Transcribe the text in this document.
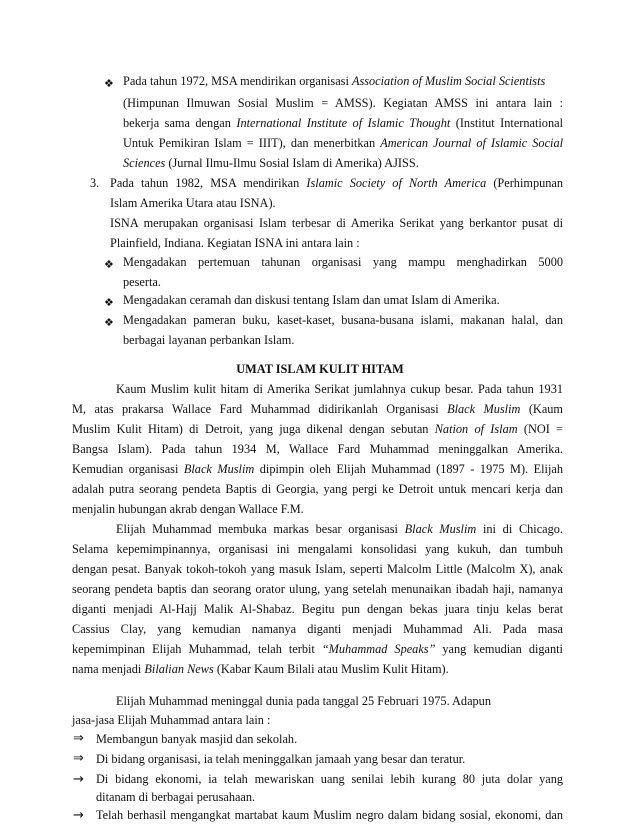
❖ Pada tahun 1972, MSA mendirikan organisasi Association of Muslim Social Scientists
(Himpunan Ilmuwan Sosial Muslim = AMSS). Kegiatan AMSS ini antara lain :
bekerja sama dengan International Institute of Islamic Thought (Institut International
Untuk Pemikiran Islam = IIIT), dan menerbitkan American Journal of Islamic Social
Sciences (Jurnal Ilmu-Ilmu Sosial Islam di Amerika) AJISS.
3. Pada tahun 1982, MSA mendirikan Islamic Society of North America (Perhimpunan
Islam Amerika Utara atau ISNA).
ISNA merupakan organisasi Islam terbesar di Amerika Serikat yang berkantor pusat di
Plainfield, Indiana. Kegiatan ISNA ini antara lain :
❖ Mengadakan pertemuan tahunan organisasi yang mampu menghadirkan 5000
peserta.
❖ Mengadakan ceramah dan diskusi tentang Islam dan umat Islam di Amerika.
❖ Mengadakan pameran buku, kaset-kaset, busana-busana islami, makanan halal, dan
berbagai layanan perbankan Islam.
UMAT ISLAM KULIT HITAM
Kaum Muslim kulit hitam di Amerika Serikat jumlahnya cukup besar. Pada tahun 1931
M, atas prakarsa Wallace Fard Muhammad didirikanlah Organisasi Black Muslim (Kaum
Muslim Kulit Hitam) di Detroit, yang juga dikenal dengan sebutan Nation of Islam (NOI =
Bangsa Islam). Pada tahun 1934 M, Wallace Fard Muhammad meninggalkan Amerika.
Kemudian organisasi Black Muslim dipimpin oleh Elijah Muhammad (1897 - 1975 M). Elijah
adalah putra seorang pendeta Baptis di Georgia, yang pergi ke Detroit untuk mencari kerja dan
menjalin hubungan akrab dengan Wallace F.M.
Elijah Muhammad membuka markas besar organisasi Black Muslim ini di Chicago.
Selama kepemimpinannya, organisasi ini mengalami konsolidasi yang kukuh, dan tumbuh
dengan pesat. Banyak tokoh-tokoh yang masuk Islam, seperti Malcolm Little (Malcolm X), anak
seorang pendeta baptis dan seorang orator ulung, yang setelah menunaikan ibadah haji, namanya
diganti menjadi Al-Hajj Malik Al-Shabaz. Begitu pun dengan bekas juara tinju kelas berat
Cassius Clay, yang kemudian namanya diganti menjadi Muhammad Ali. Pada masa
kepemimpinan Elijah Muhammad, telah terbit “Muhammad Speaks” yang kemudian diganti
nama menjadi Bilalian News (Kabar Kaum Bilali atau Muslim Kulit Hitam).
Elijah Muhammad meninggal dunia pada tanggal 25 Februari 1975. Adapun
jasa-jasa Elijah Muhammad antara lain :
⇒ Membangun banyak masjid dan sekolah.
⇒ Di bidang organisasi, ia telah meninggalkan jamaah yang besar dan teratur.
→ Di bidang ekonomi, ia telah mewariskan uang senilai lebih kurang 80 juta dolar yang
ditanam di berbagai perusahaan.
→ Telah berhasil mengangkat martabat kaum Muslim negro dalam bidang sosial, ekonomi, dan
